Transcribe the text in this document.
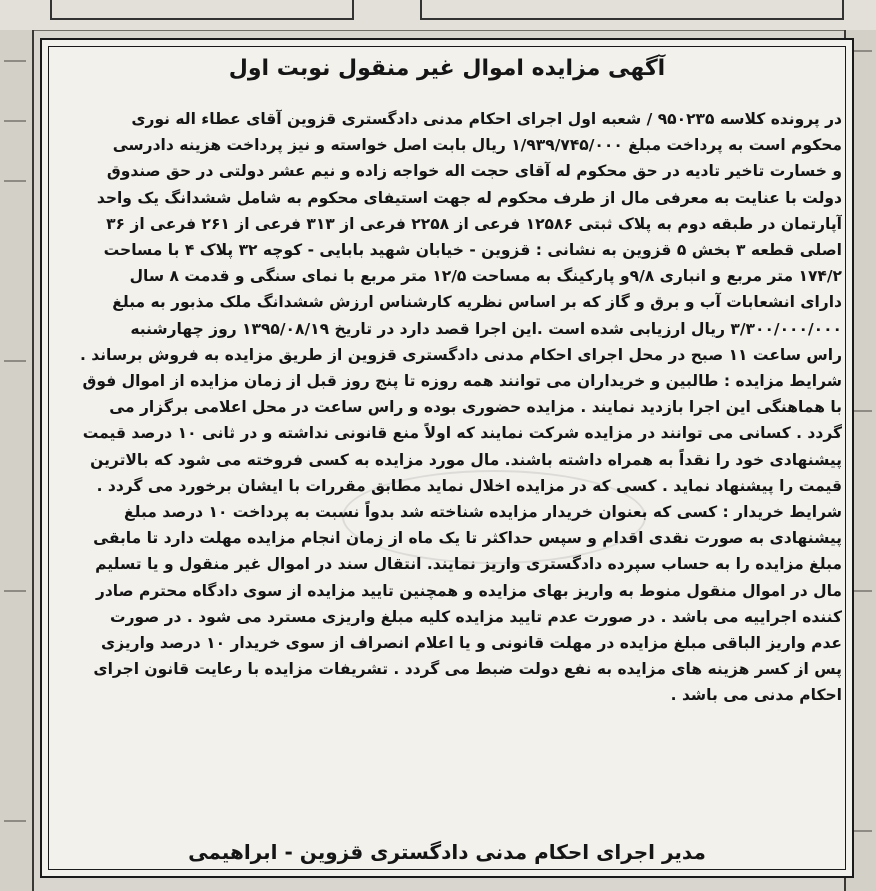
آگهی مزایده اموال غیر منقول نوبت اول
در پرونده کلاسه ۹۵۰۲۳۵ / شعبه اول اجرای احکام مدنی دادگستری قزوین آقای عطاء اله نوری
محکوم است به پرداخت مبلغ ۱/۹۳۹/۷۴۵/۰۰۰ ریال بابت اصل خواسته و نیز پرداخت هزینه دادرسی
و خسارت تاخیر تادیه در حق محکوم له آقای حجت اله خواجه زاده و نیم عشر دولتی در حق صندوق
دولت با عنایت به معرفی مال از طرف محکوم له جهت استیفای محکوم به شامل ششدانگ یک واحد
آپارتمان در طبقه دوم به پلاک ثبتی ۱۲۵۸۶ فرعی از ۲۲۵۸ فرعی از ۳۱۳ فرعی از ۲۶۱ فرعی از ۳۶
اصلی قطعه ۳ بخش ۵ قزوین به نشانی : قزوین - خیابان شهید بابایی - کوچه ۳۲ پلاک ۴ با مساحت
۱۷۴/۲ متر مربع و انباری ۹/۸و پارکینگ به مساحت ۱۲/۵ متر مربع با نمای سنگی و قدمت ۸ سال
دارای انشعابات آب و برق و گاز که بر اساس نظریه کارشناس ارزش ششدانگ ملک مذبور به مبلغ
۳/۳۰۰/۰۰۰/۰۰۰ ریال ارزیابی شده است .این اجرا قصد دارد در تاریخ ۱۳۹۵/۰۸/۱۹ روز چهارشنبه
راس ساعت ۱۱ صبح در محل اجرای احکام مدنی دادگستری قزوین از طریق مزایده به فروش برساند .
شرایط مزایده : طالبین و خریداران می توانند همه روزه تا پنج روز قبل از زمان مزایده از اموال فوق
با هماهنگی این اجرا بازدید نمایند . مزایده حضوری بوده و راس ساعت در محل اعلامی برگزار می
گردد . کسانی می توانند در مزایده شرکت نمایند که اولاً منع قانونی نداشته و در ثانی ۱۰ درصد قیمت
پیشنهادی خود را نقداً به همراه داشته باشند. مال مورد مزایده به کسی فروخته می شود که بالاترین
قیمت را پیشنهاد نماید . کسی که در مزایده اخلال نماید مطابق مقررات با ایشان برخورد می گردد .
شرایط خریدار : کسی که بعنوان خریدار مزایده شناخته شد بدواً نسبت به پرداخت ۱۰ درصد مبلغ
پیشنهادی به صورت نقدی اقدام و سپس حداکثر تا یک ماه از زمان انجام مزایده مهلت دارد تا مابقی
مبلغ مزایده را به حساب سپرده دادگستری واریز نمایند. انتقال سند در اموال غیر منقول و یا تسلیم
مال در اموال منقول منوط به واریز بهای مزایده و همچنین تایید مزایده از سوی دادگاه محترم صادر
کننده اجراییه می باشد . در صورت عدم تایید مزایده کلیه مبلغ واریزی مسترد می شود . در صورت
عدم واریز الباقی مبلغ مزایده در مهلت قانونی و یا اعلام انصراف از سوی خریدار ۱۰ درصد واریزی
پس از کسر هزینه های مزایده به نفع دولت ضبط می گردد . تشریفات مزایده با رعایت قانون اجرای
احکام مدنی می باشد .
مدیر اجرای احکام مدنی دادگستری قزوین - ابراهیمی
